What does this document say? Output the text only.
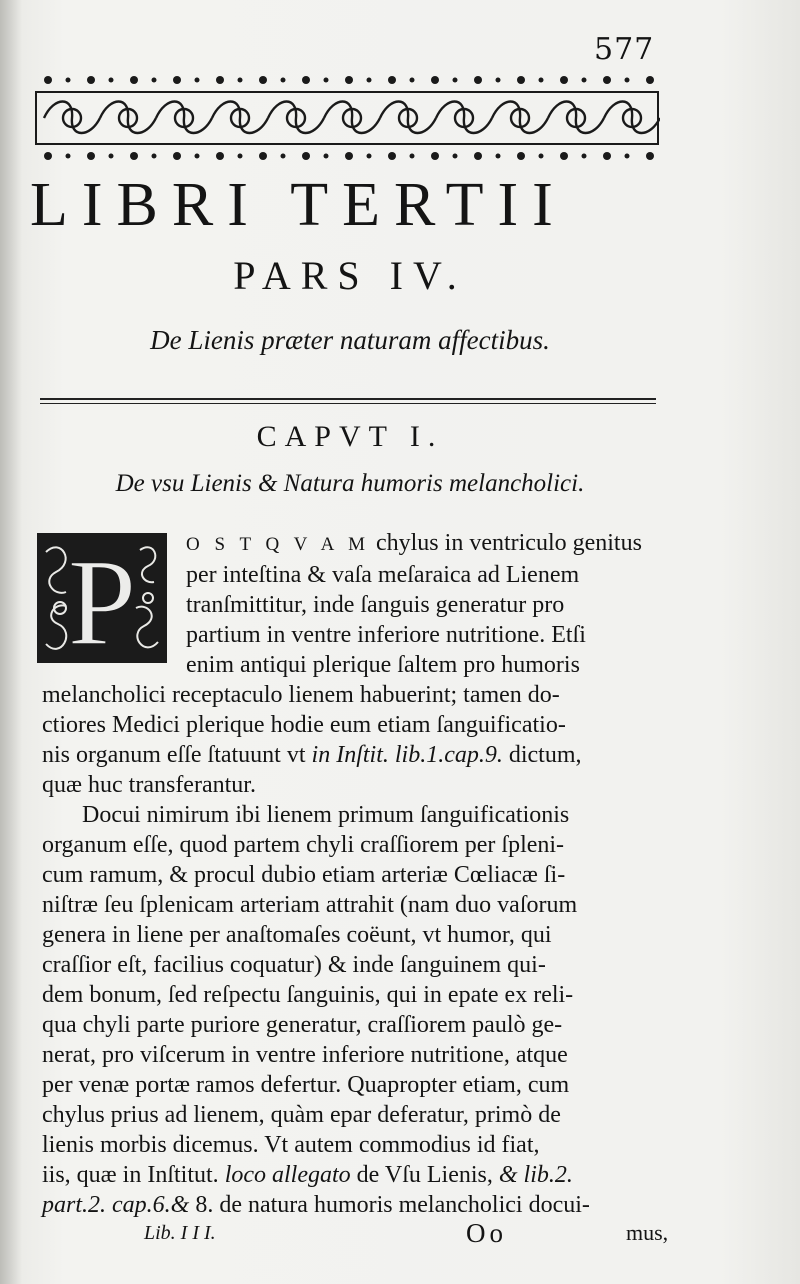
577
LIBRI TERTII
PARS IV.
De Lienis præter naturam affectibus.
CAPVT I.
De vsu Lienis & Natura humoris melancholici.
P	O S T Q V A M chylus in ventriculo genitus
per inteſtina & vaſa meſaraica ad Lienem
tranſmittitur, inde ſanguis generatur pro
partium in ventre inferiore nutritione. Etſi
enim antiqui plerique ſaltem pro humoris
melancholici receptaculo lienem habuerint; tamen do-
ctiores Medici plerique hodie eum etiam ſanguificatio-
nis organum eſſe ſtatuunt vt in Inſtit. lib.1.cap.9. dictum,
quæ huc transferantur.
Docui nimirum ibi lienem primum ſanguificationis
organum eſſe, quod partem chyli craſſiorem per ſpleni-
cum ramum, & procul dubio etiam arteriæ Cœliacæ ſi-
niſtræ ſeu ſplenicam arteriam attrahit (nam duo vaſorum
genera in liene per anaſtomaſes coëunt, vt humor, qui
craſſior eſt, facilius coquatur) & inde ſanguinem qui-
dem bonum, ſed reſpectu ſanguinis, qui in epate ex reli-
qua chyli parte puriore generatur, craſſiorem paulò ge-
nerat, pro viſcerum in ventre inferiore nutritione, atque
per venæ portæ ramos defertur. Quapropter etiam, cum
chylus prius ad lienem, quàm epar deferatur, primò de
lienis morbis dicemus. Vt autem commodius id fiat,
iis, quæ in Inſtitut. loco allegato de Vſu Lienis, & lib.2.
part.2. cap.6.& 8. de natura humoris melancholici docui-
Lib. I I I.	Oo	mus,
